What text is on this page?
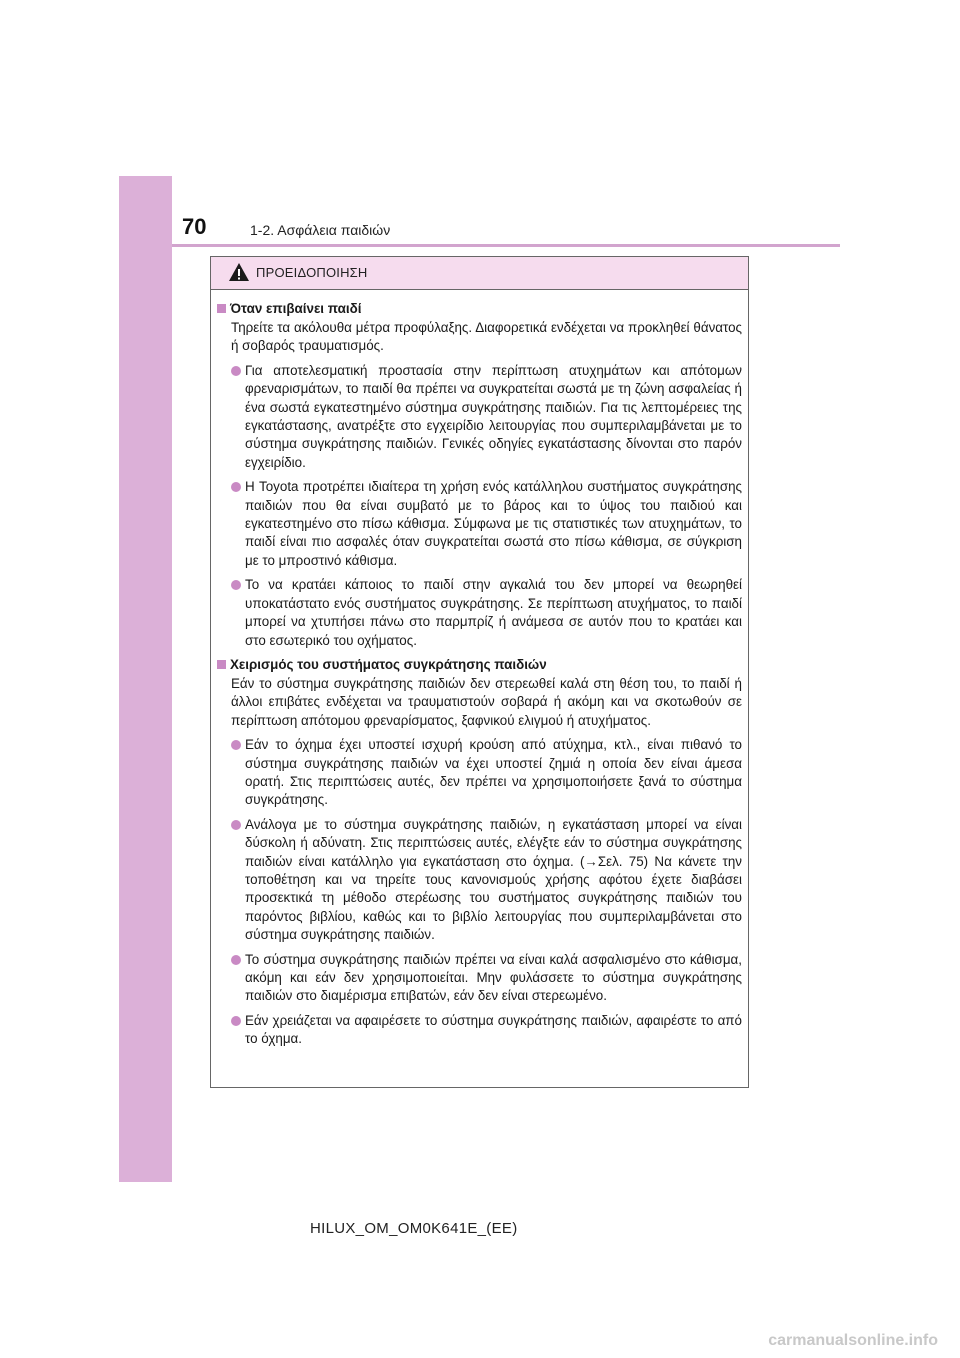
70	1-2. Ασφάλεια παιδιών
ΠΡΟΕΙΔΟΠΟΙΗΣΗ
Όταν επιβαίνει παιδί

Τηρείτε τα ακόλουθα μέτρα προφύλαξης. Διαφορετικά ενδέχεται να προκληθεί θάνατος ή σοβαρός τραυματισμός.

Για αποτελεσματική προστασία στην περίπτωση ατυχημάτων και απότομων φρεναρισμάτων, το παιδί θα πρέπει να συγκρατείται σωστά με τη ζώνη ασφαλείας ή ένα σωστά εγκατεστημένο σύστημα συγκράτησης παιδιών. Για τις λεπτομέρειες της εγκατάστασης, ανατρέξτε στο εγχειρίδιο λειτουργίας που συμπεριλαμβάνεται με το σύστημα συγκράτησης παιδιών. Γενικές οδηγίες εγκατάστασης δίνονται στο παρόν εγχειρίδιο.
Η Toyota προτρέπει ιδιαίτερα τη χρήση ενός κατάλληλου συστήματος συγκράτησης παιδιών που θα είναι συμβατό με το βάρος και το ύψος του παιδιού και εγκατεστημένο στο πίσω κάθισμα. Σύμφωνα με τις στατιστικές των ατυχημάτων, το παιδί είναι πιο ασφαλές όταν συγκρατείται σωστά στο πίσω κάθισμα, σε σύγκριση με το μπροστινό κάθισμα.
Το να κρατάει κάποιος το παιδί στην αγκαλιά του δεν μπορεί να θεωρηθεί υποκατάστατο ενός συστήματος συγκράτησης. Σε περίπτωση ατυχήματος, το παιδί μπορεί να χτυπήσει πάνω στο παρμπρίζ ή ανάμεσα σε αυτόν που το κρατάει και στο εσωτερικό του οχήματος.
Χειρισμός του συστήματος συγκράτησης παιδιών

Εάν το σύστημα συγκράτησης παιδιών δεν στερεωθεί καλά στη θέση του, το παιδί ή άλλοι επιβάτες ενδέχεται να τραυματιστούν σοβαρά ή ακόμη και να σκοτωθούν σε περίπτωση απότομου φρεναρίσματος, ξαφνικού ελιγμού ή ατυχήματος.

Εάν το όχημα έχει υποστεί ισχυρή κρούση από ατύχημα, κτλ., είναι πιθανό το σύστημα συγκράτησης παιδιών να έχει υποστεί ζημιά η οποία δεν είναι άμεσα ορατή. Στις περιπτώσεις αυτές, δεν πρέπει να χρησιμοποιήσετε ξανά το σύστημα συγκράτησης.
Ανάλογα με το σύστημα συγκράτησης παιδιών, η εγκατάσταση μπορεί να είναι δύσκολη ή αδύνατη. Στις περιπτώσεις αυτές, ελέγξτε εάν το σύστημα συγκράτησης παιδιών είναι κατάλληλο για εγκατάσταση στο όχημα. (→Σελ. 75) Να κάνετε την τοποθέτηση και να τηρείτε τους κανονισμούς χρήσης αφότου έχετε διαβάσει προσεκτικά τη μέθοδο στερέωσης του συστήματος συγκράτησης παιδιών του παρόντος βιβλίου, καθώς και το βιβλίο λειτουργίας που συμπεριλαμβάνεται στο σύστημα συγκράτησης παιδιών.
Το σύστημα συγκράτησης παιδιών πρέπει να είναι καλά ασφαλισμένο στο κάθισμα, ακόμη και εάν δεν χρησιμοποιείται. Μην φυλάσσετε το σύστημα συγκράτησης παιδιών στο διαμέρισμα επιβατών, εάν δεν είναι στερεωμένο.
Εάν χρειάζεται να αφαιρέσετε το σύστημα συγκράτησης παιδιών, αφαιρέστε το από το όχημα.
HILUX_OM_OM0K641E_(EE)
carmanualsonline.info
